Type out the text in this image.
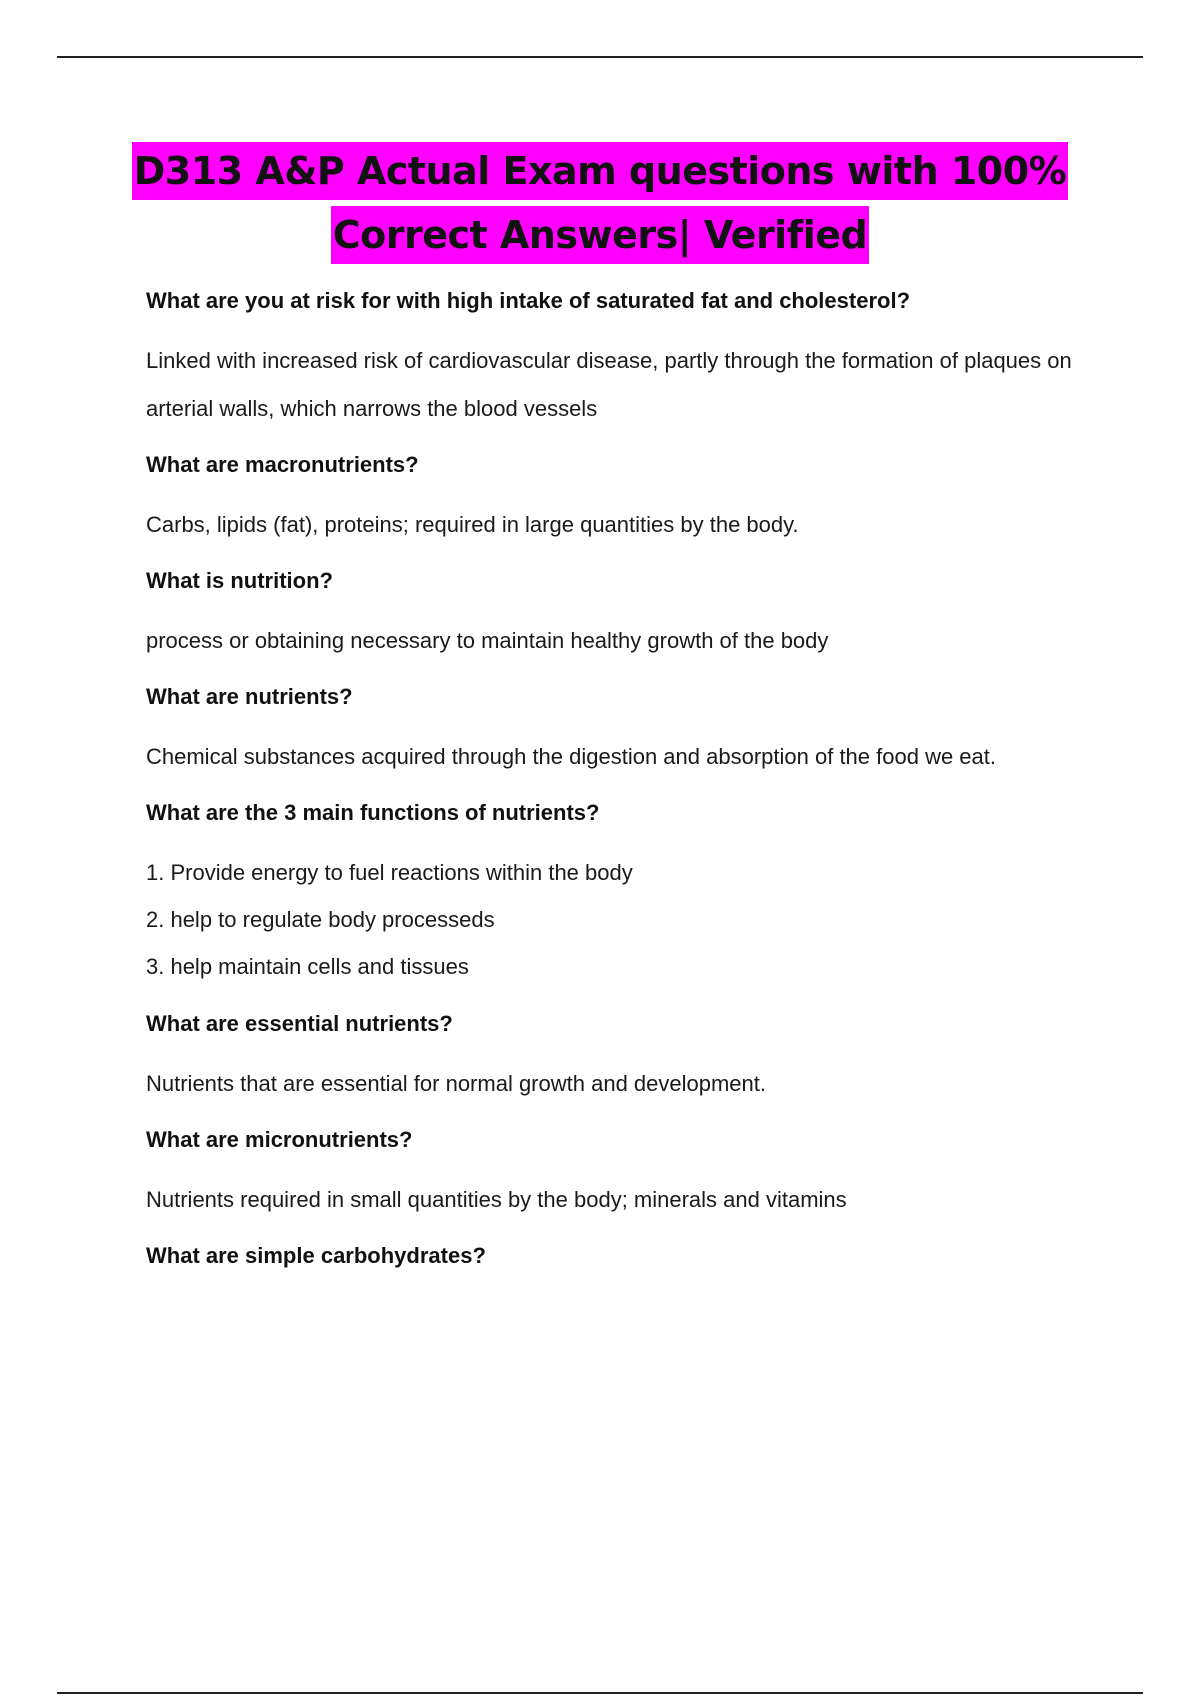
D313 A&P Actual Exam questions with 100%
Correct Answers| Verified

What are you at risk for with high intake of saturated fat and cholesterol?

Linked with increased risk of cardiovascular disease, partly through the formation of plaques on arterial walls, which narrows the blood vessels

What are macronutrients?

Carbs, lipids (fat), proteins; required in large quantities by the body.

What is nutrition?

process or obtaining necessary to maintain healthy growth of the body

What are nutrients?

Chemical substances acquired through the digestion and absorption of the food we eat.

What are the 3 main functions of nutrients?

1. Provide energy to fuel reactions within the body
2. help to regulate body processeds
3. help maintain cells and tissues

What are essential nutrients?

Nutrients that are essential for normal growth and development.

What are micronutrients?

Nutrients required in small quantities by the body; minerals and vitamins

What are simple carbohydrates?
